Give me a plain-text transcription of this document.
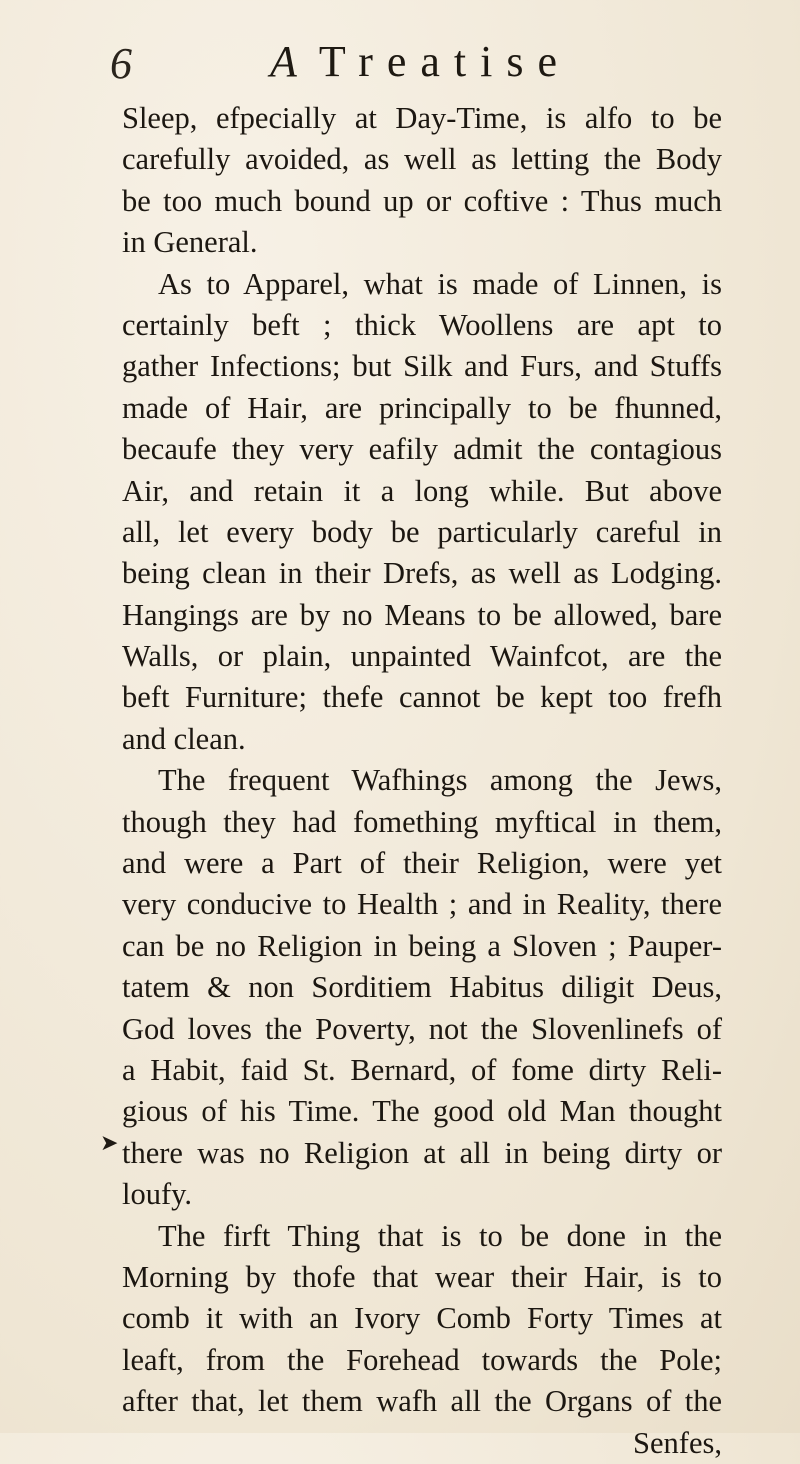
6	A Treatise
Sleep, efpecially at Day-Time, is alfo to be
carefully avoided, as well as letting the Body
be too much bound up or coftive : Thus much
in General.
As to Apparel, what is made of Linnen, is
certainly beft ; thick Woollens are apt to
gather Infections; but Silk and Furs, and Stuffs
made of Hair, are principally to be fhunned,
becaufe they very eafily admit the contagious
Air, and retain it a long while. But above
all, let every body be particularly careful in
being clean in their Drefs, as well as Lodging.
Hangings are by no Means to be allowed, bare
Walls, or plain, unpainted Wainfcot, are the
beft Furniture; thefe cannot be kept too frefh
and clean.
The frequent Wafhings among the Jews,
though they had fomething myftical in them,
and were a Part of their Religion, were yet
very conducive to Health ; and in Reality, there
can be no Religion in being a Sloven ; Pauper-
tatem & non Sorditiem Habitus diligit Deus,
God loves the Poverty, not the Slovenlinefs of
a Habit, faid St. Bernard, of fome dirty Reli-
gious of his Time. The good old Man thought
there was no Religion at all in being dirty or
loufy.
The firft Thing that is to be done in the
Morning by thofe that wear their Hair, is to
comb it with an Ivory Comb Forty Times at
leaft, from the Forehead towards the Pole;
after that, let them wafh all the Organs of the
Senfes,
➤
